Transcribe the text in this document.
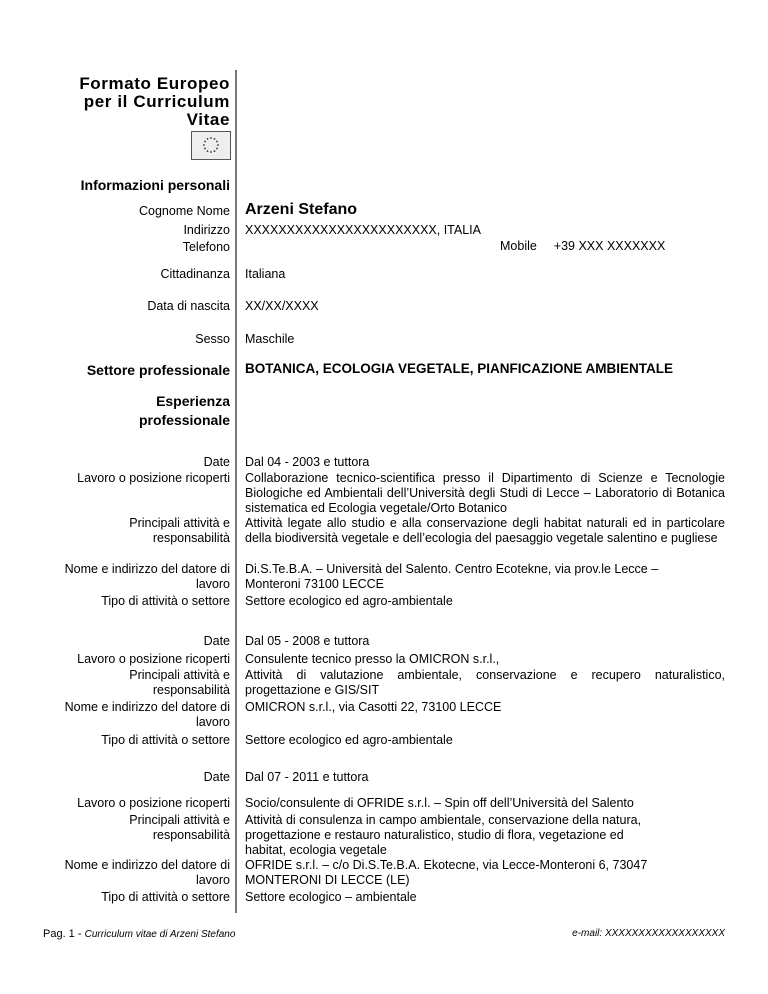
Formato Europeo
per il Curriculum
Vitae
Informazioni personali
Cognome Nome Arzeni Stefano
Indirizzo XXXXXXXXXXXXXXXXXXXXXXX, ITALIA
Telefono	Mobile +39 XXX XXXXXXX
Cittadinanza Italiana
Data di nascita XX/XX/XXXX
Sesso Maschile
Settore professionale BOTANICA, ECOLOGIA VEGETALE, PIANFICAZIONE AMBIENTALE
Esperienza
professionale
Date Dal 04 - 2003 e tuttora
Lavoro o posizione ricoperti Collaborazione tecnico-scientifica presso il Dipartimento di Scienze e Tecnologie Biologiche ed Ambientali dell’Università degli Studi di Lecce – Laboratorio di Botanica sistematica ed Ecologia vegetale/Orto Botanico
Principali attività e
responsabilità
Attività legate allo studio e alla conservazione degli habitat naturali ed in particolare della biodiversità vegetale e dell’ecologia del paesaggio vegetale salentino e pugliese
Nome e indirizzo del datore di
lavoro
Di.S.Te.B.A. – Università del Salento. Centro Ecotekne, via prov.le Lecce – Monteroni 73100 LECCE
Tipo di attività o settore Settore ecologico ed agro-ambientale
Date Dal 05 - 2008 e tuttora
Lavoro o posizione ricoperti Consulente tecnico presso la OMICRON s.r.l.,
Principali attività e
responsabilità
Attività di valutazione ambientale, conservazione e recupero naturalistico, progettazione e GIS/SIT
Nome e indirizzo del datore di
lavoro
OMICRON s.r.l., via Casotti 22, 73100 LECCE
Tipo di attività o settore Settore ecologico ed agro-ambientale
Date Dal 07 - 2011 e tuttora
Lavoro o posizione ricoperti Socio/consulente di OFRIDE s.r.l. – Spin off dell’Università del Salento
Principali attività e
responsabilità
Attività di consulenza in campo ambientale, conservazione della natura, progettazione e restauro naturalistico, studio di flora, vegetazione ed habitat, ecologia vegetale
Nome e indirizzo del datore di
lavoro
OFRIDE s.r.l. – c/o Di.S.Te.B.A. Ekotecne, via Lecce-Monteroni 6, 73047 MONTERONI DI LECCE (LE)
Tipo di attività o settore Settore ecologico – ambientale
Pag. 1 - Curriculum vitae di Arzeni Stefano	e-mail: XXXXXXXXXXXXXXXXXX
